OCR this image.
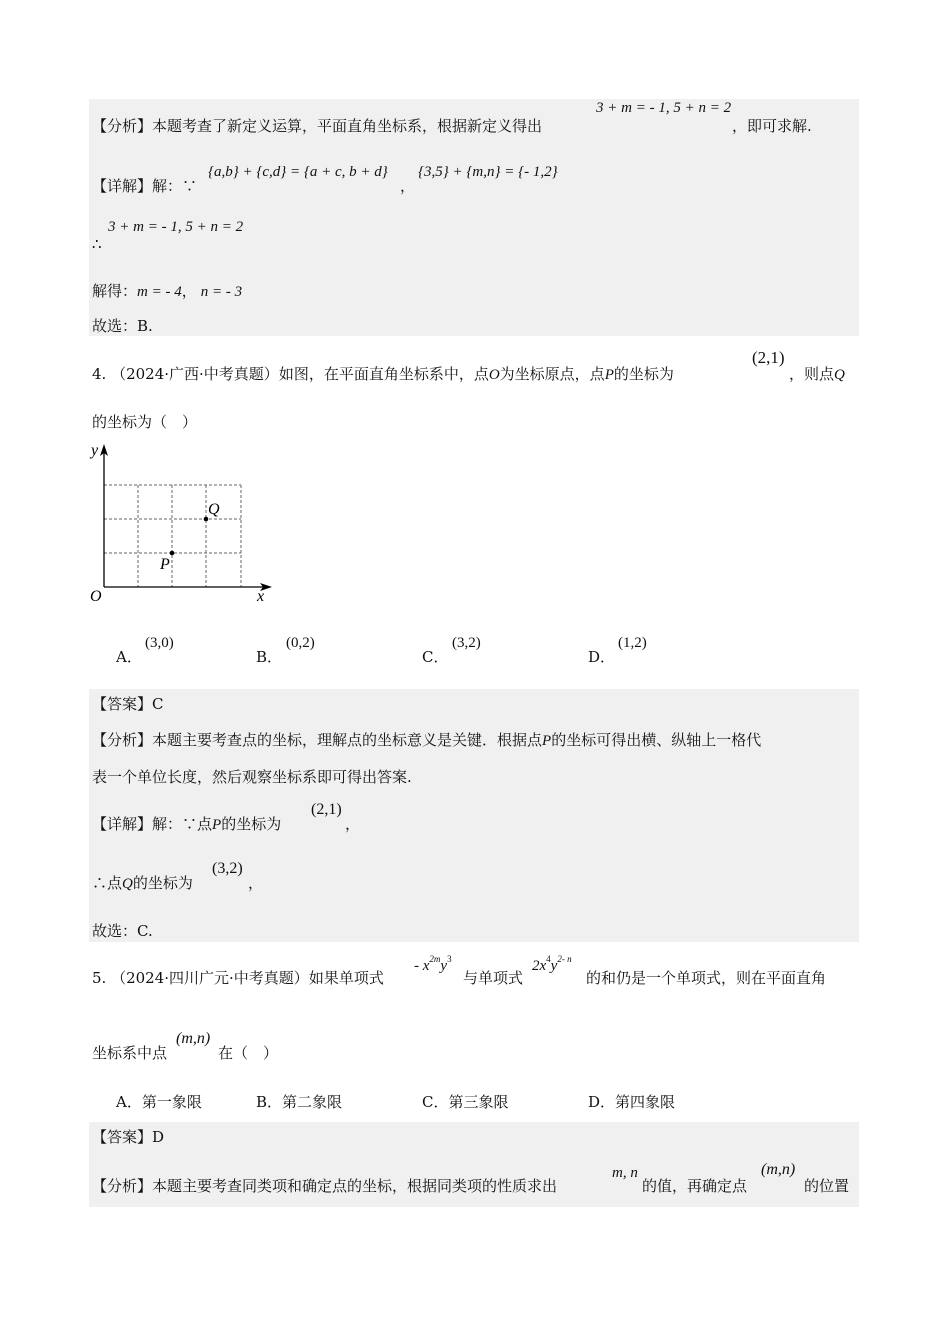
【分析】本题考查了新定义运算，平面直角坐标系，根据新定义得出
3 + m = - 1, 5 + n = 2
，即可求解.
【详解】解：∵
{a,b} + {c,d} = {a + c, b + d}
，
{3,5} + {m,n} = {- 1,2}
∴
3 + m = - 1, 5 + n = 2
解得：m = - 4， n = - 3
故选：B.
4. （2024·广西·中考真题）如图，在平面直角坐标系中，点O为坐标原点，点P的坐标为
(2,1)
，则点Q
的坐标为（　）
y
x
O
P
Q
A．
(3,0)
B．
(0,2)
C．
(3,2)
D．
(1,2)
【答案】C
【分析】本题主要考查点的坐标，理解点的坐标意义是关键．根据点P的坐标可得出横、纵轴上一格代
表一个单位长度，然后观察坐标系即可得出答案.
【详解】解：∵点P的坐标为
(2,1)
，
∴点Q的坐标为
(3,2)
，
故选：C.
5. （2024·四川广元·中考真题）如果单项式
- $x^{2m}y^3$
与单项式
$2x^4y^{2- n}$
的和仍是一个单项式，则在平面直角
坐标系中点
(m,n)
在（　）
A．第一象限	B．第二象限	C．第三象限	D．第四象限
【答案】D
【分析】本题主要考查同类项和确定点的坐标，根据同类项的性质求出
m, n
的值，再确定点
(m,n)
的位置
